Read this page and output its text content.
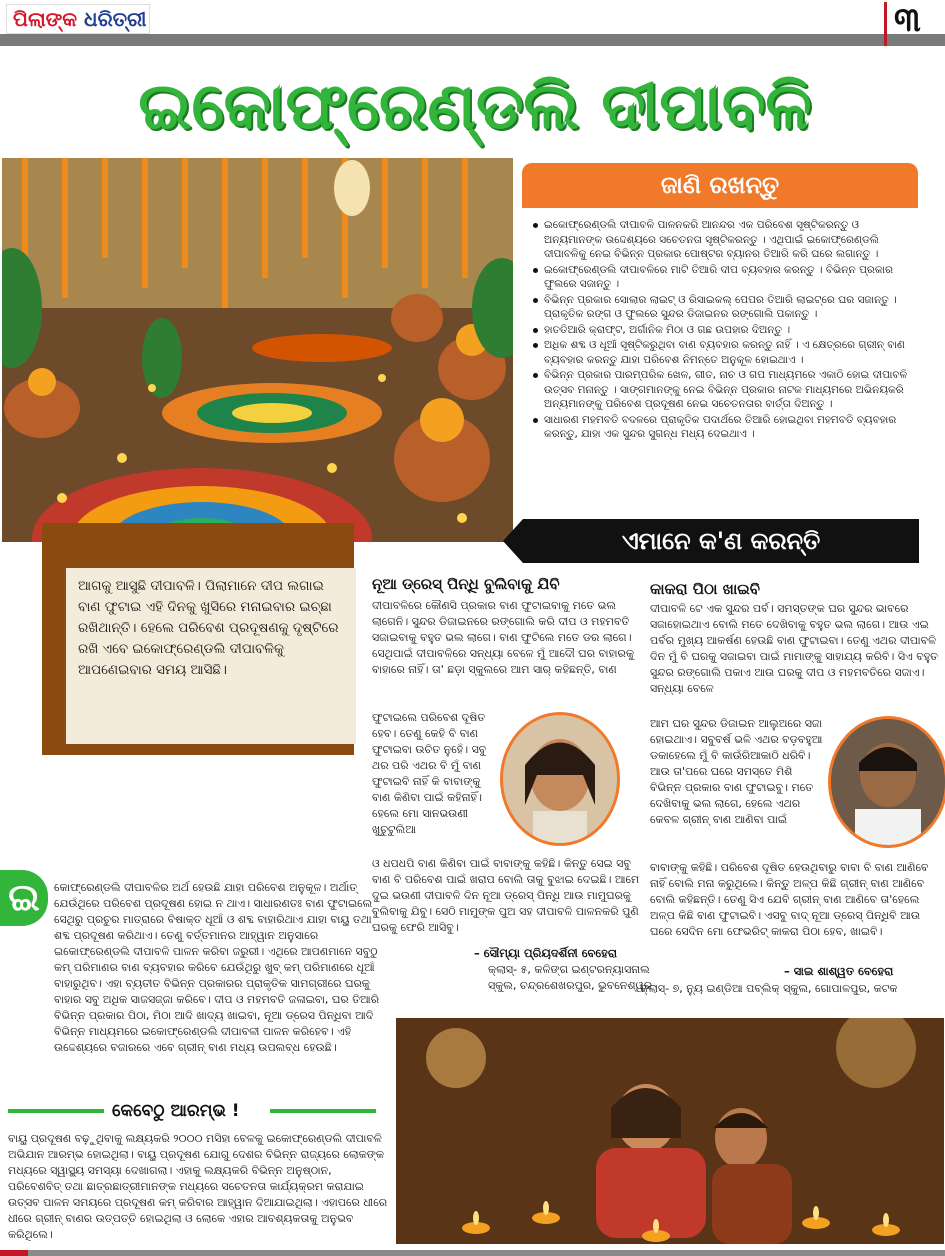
ପିଲାଙ୍କ ଧରିତ୍ରୀ	୩
ଇକୋଫ୍ରେଣ୍ଡଲି ଦୀପାବଳି
ଜାଣି ରଖନ୍ତୁ
ଇକୋଫ୍ରେଣ୍ଡଲି ଦୀପାବଳି ପାଳନକରି ଆନନ୍ଦର ଏକ ପରିବେଶ ସୃଷ୍ଟିକରନ୍ତୁ ଓ ଅନ୍ୟମାନଙ୍କ ଉଦ୍ଦେଶ୍ୟରେ ସଚେତନତା ସୃଷ୍ଟିକରନ୍ତୁ । ଏଥିପାଇଁ ଇକୋଫ୍ରେଣ୍ଡଲି ଦୀପାବଳିକୁ ନେଇ ବିଭିନ୍ନ ପ୍ରକାର ପୋଷ୍ଟର ବ୍ୟାନର ତିଆରି କରି ଘରେ ଲଗାନ୍ତୁ ।
ଇକୋଫ୍ରେଣ୍ଡଲି ଦୀପାବଳିରେ ମାଟି ତିଆରି ଦୀପ ବ୍ୟବହାର କରନ୍ତୁ । ବିଭିନ୍ନ ପ୍ରକାର ଫୁଲରେ ସଜାନ୍ତୁ ।
ବିଭିନ୍ନ ପ୍ରକାର ସୋଲାର ଲାଇଟ୍ ଓ ରିସାଇକଲ୍ ପେପର ତିଆରି ଲାଇଟ୍‌ରେ ଘର ସଜାନ୍ତୁ । ପ୍ରାକୃତିକ ରଙ୍ଗ ଓ ଫୁଲରେ ସୁନ୍ଦର ଡିଜାଇନର ରଙ୍ଗୋଲି ପକାନ୍ତୁ ।
ହାତତିଆରି କ୍ରାଫ୍ଟ, ଅର୍ଗାନିକ ମିଠା ଓ ଗଛ ଉପହାର ଦିଅନ୍ତୁ ।
ଅଧିକ ଶବ୍ଦ ଓ ଧୂଆଁ ସୃଷ୍ଟିକରୁଥିବା ବାଣ ବ୍ୟବହାର କରନ୍ତୁ ନାହିଁ । ଏ କ୍ଷେତ୍ରରେ ଗ୍ରୀନ୍ ବାଣ ବ୍ୟବହାର କରନ୍ତୁ ଯାହା ପରିବେଶ ନିମନ୍ତେ ଅନୁକୂଳ ହୋଇଥାଏ ।
ବିଭିନ୍ନ ପ୍ରକାର ପାରମ୍ପରିକ ଖେଳ, ଗୀତ, ନାଚ ଓ ଗପ ମାଧ୍ୟମରେ ଏକାଠି ହୋଇ ଦୀପାବଳି ଉତ୍ସବ ମନାନ୍ତୁ । ସାଙ୍ଗମାନଙ୍କୁ ନେଇ ବିଭିନ୍ନ ପ୍ରକାର ନାଟକ ମାଧ୍ୟମରେ ଅଭିନୟକରି ଅନ୍ୟମାନଙ୍କୁ ପରିବେଶ ପ୍ରଦୂଷଣ ନେଇ ସଚେତନତାର ବାର୍ତ୍ତା ଦିଅନ୍ତୁ ।
ସାଧାରଣ ମହମବତି ବଦଳରେ ପ୍ରାକୃତିକ ପଦାର୍ଥରେ ତିଆରି ହୋଇଥିବା ମହମବତି ବ୍ୟବହାର କରନ୍ତୁ, ଯାହା ଏକ ସୁନ୍ଦର ସୁଗନ୍ଧ ମଧ୍ୟ ଦେଇଥାଏ ।
ଏମାନେ କ'ଣ କରନ୍ତି
ଆଗକୁ ଆସୁଛି ଦୀପାବଳି। ପିଲାମାନେ ଦୀପ ଲଗାଇ ବାଣ ଫୁଟାଇ ଏହି ଦିନକୁ ଖୁସିରେ ମନାଇବାର ଇଚ୍ଛା ରଖିଥାନ୍ତି। ହେଲେ ପରିବେଶ ପ୍ରଦୂଷଣକୁ ଦୃଷ୍ଟିରେ ରଖି ଏବେ ଇକୋଫ୍ରେଣ୍ଡଲି ଦୀପାବଳିକୁ ଆପଣେଇବାର ସମୟ ଆସିଛି।
ନୂଆ ଡ୍ରେସ୍ ପିନ୍ଧି ବୁଲିବାକୁ ଯିବି
ଦୀପାବଳିରେ କୌଣସି ପ୍ରକାର ବାଣ ଫୁଟାଇବାକୁ ମତେ ଭଲ ଲାଗେନି। ସୁନ୍ଦର ଡିଜାଇନରେ ରଙ୍ଗୋଲି କରି ଦୀପ ଓ ମହମବତି ସଜାଇବାକୁ ବହୁତ ଭଲ ଲାଗେ। ବାଣ ଫୁଟିଲେ ମତେ ଡର ଲାଗେ। ସେଥିପାଇଁ ଦୀପାବଳିରେ ସନ୍ଧ୍ୟା ବେଳେ ମୁଁ ଆଦୌ ଘର ବାହାରକୁ ବାହାରେ ନାହିଁ। ତା' ଛଡ଼ା ସ୍କୁଲରେ ଆମ ସାର୍ କହିଛନ୍ତି, ବାଣ
ଫୁଟାଇଲେ ପରିବେଶ ଦୂଷିତ ହେବ। ତେଣୁ କେହି ବି ବାଣ ଫୁଟାଇବା ଉଚିତ ନୁହେଁ। ସବୁ ଥର ପରି ଏଥର ବି ମୁଁ ବାଣ ଫୁଟାଇବି ନାହିଁ କି ବାବାଙ୍କୁ ବାଣ କିଣିବା ପାଇଁ କହିନାହିଁ। ହେଲେ ମୋ ସାନଭଉଣୀ ଖୁଚୁଟୁଲିଆ
ଓ ଧପଧପି ବାଣ କିଣିବା ପାଇଁ ବାବାଙ୍କୁ କହିଛି। କିନ୍ତୁ ସେଇ ସବୁ ବାଣ ବି ପରିବେଶ ପାଇଁ ଖରାପ ବୋଲି ତାକୁ ବୁଝାଇ ଦେଇଛି। ଆମେ ଦୁଇ ଭଉଣୀ ଦୀପାବଳି ଦିନ ନୂଆ ଡ୍ରେସ୍ ପିନ୍ଧି ଆଉ ମାମୁଘରକୁ ବୁଲିବାକୁ ଯିବୁ। ସେଠି ମାମୁଙ୍କ ପୁଅ ସହ ଦୀପାବଳି ପାଳନକରି ପୁଣି ଘରକୁ ଫେରି ଆସିବୁ।
– ସୌମ୍ୟା ପ୍ରିୟଦର୍ଶିନୀ ବେହେରା
କ୍ଲାସ୍- ୫, କଳିଙ୍ଗ ଇଣ୍ଟରନ୍ୟାସନାଲ ସ୍କୁଲ, ଚନ୍ଦ୍ରଶେଖରପୁର, ଭୁବନେଶ୍ୱର
କାକରା ପିଠା ଖାଇବି
ଦୀପାବଳି ଟେ ଏକ ସୁନ୍ଦର ପର୍ବ। ସମସ୍ତଙ୍କ ଘର ସୁନ୍ଦର ଭାବରେ ସଜାହୋଇଥାଏ ବୋଲି ମତେ ଦେଖିବାକୁ ବହୁତ ଭଲ ଲାଗେ। ଆଉ ଏଇ ପର୍ବର ମୁଖ୍ୟ ଆକର୍ଷଣ ହେଉଛି ବାଣ ଫୁଟାଇବା। ତେଣୁ ଏଥର ଦୀପାବଳି ଦିନ ମୁଁ ବି ଘରକୁ ସଜାଇବା ପାଇଁ ମାମାଙ୍କୁ ସାହାଯ୍ୟ କରିବି। ସିଏ ବହୁତ ସୁନ୍ଦର ରଙ୍ଗୋଲି ପକାଏ ଆଉ ଘରକୁ ଦୀପ ଓ ମହମବତିରେ ସଜାଏ। ସନ୍ଧ୍ୟା ବେଳେ
ଆମ ଘର ସୁନ୍ଦର ଡିଜାଇନ ଆଲୁଅରେ ସଜା ହୋଇଥାଏ। ସବୁବର୍ଷ ଭଳି ଏଥର ବଡ଼ବହୁଆ ଡକାହେଲେ ମୁଁ ବି କାଉଁରିଆକାଠି ଧରିବି। ଆଉ ତା'ପରେ ଘରେ ସମସ୍ତେ ମିଶି ବିଭିନ୍ନ ପ୍ରକାର ବାଣ ଫୁଟାଇବୁ। ମତେ ଦେଖିବାକୁ ଭଲ ଲାଗେ, ହେଲେ ଏଥର କେବଳ ଗ୍ରୀନ୍ ବାଣ ଆଣିବା ପାଇଁ
ବାବାଙ୍କୁ କହିଛି। ପରିବେଶ ଦୂଷିତ ହେଉଥିବାରୁ ବାବା ବି ବାଣ ଆଣିବେ ନାହିଁ ବୋଲି ମନା କରୁଥିଲେ। କିନ୍ତୁ ଅଳ୍ପ କିଛି ଗ୍ରୀନ୍ ବାଣ ଆଣିବେ ବୋଲି କହିଛନ୍ତି। ତେଣୁ ସିଏ ଯେବି ଗ୍ରୀନ୍ ବାଣ ଆଣିବେ ତା'ହେଲେ ଅଳ୍ପ କିଛି ବାଣ ଫୁଟାଇବି। ଏସବୁ ବାଦ୍ ନୂଆ ଡ୍ରେସ୍ ପିନ୍ଧିବି ଆଉ ଘରେ ସେଦିନ ମୋ ଫେଭରିଟ୍ କାକରା ପିଠା ହେବ, ଖାଇବି।
– ସାଇ ଶାଶ୍ୱତ ବେହେରା
କ୍ଲାସ୍- ୭, ନ୍ୟୁ ଇଣ୍ଡିଆ ପବ୍ଲିକ୍ ସ୍କୁଲ, ଗୋପାଳପୁର, କଟକ
ଇ	କୋଫ୍ରେଣ୍ଡଲି ଦୀପାବଳିର ଅର୍ଥ ହେଉଛି ଯାହା ପରିବେଶ ଅନୁକୂଳ। ଅର୍ଥାତ୍ ଯେଉଁଥିରେ ପରିବେଶ ପ୍ରଦୂଷଣ ହୋଇ ନ ଥାଏ। ସାଧାରଣତଃ ବାଣ ଫୁଟାଇଲେ ସେଥିରୁ ପ୍ରଚୁର ମାତ୍ରାରେ ବିଷାକ୍ତ ଧୂଆଁ ଓ ଶବ୍ଦ ବାହାରିଥାଏ ଯାହା ବାୟୁ ତଥା ଶବ୍ଦ ପ୍ରଦୂଷଣ କରିଥାଏ। ତେଣୁ ବର୍ତ୍ତମାନର ଆହ୍ୱାନ ଅନୁସାରେ ଇକୋଫ୍ରେଣ୍ଡଲି ଦୀପାବଳି ପାଳନ କରିବା ଜରୁରୀ। ଏଥିରେ ଆପଣମାନେ ସବୁଠୁ କମ୍ ପରିମାଣର ବାଣ ବ୍ୟବହାର କରିବେ ଯେଉଁଥିରୁ ଖୁବ୍ କମ୍ ପରିମାଣରେ ଧୂଆଁ ବାହାରୁଥିବ। ଏହା ବ୍ୟତୀତ ବିଭିନ୍ନ ପ୍ରକାରର ପ୍ରାକୃତିକ ସାମଗ୍ରୀରେ ଘରକୁ ବାହାର ସବୁ ଅଧିକ ସାଜସଜ୍ଜା କରିବେ। ଦୀପ ଓ ମହମବତି ଜଳାଇବା, ଘର ତିଆରି ବିଭିନ୍ନ ପ୍ରକାର ପିଠା, ମିଠା ଆଦି ଖାଦ୍ୟ ଖାଇବା, ନୂଆ ଡ୍ରେସ ପିନ୍ଧିବା ଆଦି ବିଭିନ୍ନ ମାଧ୍ୟମରେ ଇକୋଫ୍ରେଣ୍ଡଲି ଦୀପାବଳୀ ପାଳନ କରିହେବ। ଏହି ଉଦ୍ଦେଶ୍ୟରେ ବଜାରରେ ଏବେ ଗ୍ରୀନ୍ ବାଣ ମଧ୍ୟ ଉପଲବ୍ଧ ହେଉଛି।
କେବେଠୁ ଆରମ୍ଭ !
ବାୟୁ ପ୍ରଦୂଷଣ ବଢ଼ୁଥିବାକୁ ଲକ୍ଷ୍ୟକରି ୨୦୦୦ ମସିହା ବେଳକୁ ଇକୋଫ୍ରେଣ୍ଡଲି ଦୀପାବଳି ଅଭିଯାନ ଆରମ୍ଭ ହୋଇଥିଲା। ବାୟୁ ପ୍ରଦୂଷଣ ଯୋଗୁ ଦେଶର ବିଭିନ୍ନ ରାଜ୍ୟରେ ଲୋକଙ୍କ ମଧ୍ୟରେ ସ୍ୱାସ୍ଥ୍ୟ ସମସ୍ୟା ଦେଖାଗଲା। ଏହାକୁ ଲକ୍ଷ୍ୟକରି ବିଭିନ୍ନ ଅନୁଷ୍ଠାନ, ପରିବେଶବିତ୍ ତଥା ଛାତ୍ରଛାତ୍ରୀମାନଙ୍କ ମଧ୍ୟରେ ସଚେତନତା କାର୍ଯ୍ୟକ୍ରମ କରାଯାଇ ଉତ୍ସବ ପାଳନ ସମୟରେ ପ୍ରଦୂଷଣ କମ୍ କରିବାର ଆହ୍ୱାନ ଦିଆଯାଇଥିଲା। ଏହାପରେ ଧୀରେ ଧୀରେ ଗ୍ରୀନ୍ ବାଣର ଉତ୍ପତ୍ତି ହୋଇଥିଲା ଓ ଲୋକେ ଏହାର ଆବଶ୍ୟକତାକୁ ଅନୁଭବ କରିଥିଲେ।
